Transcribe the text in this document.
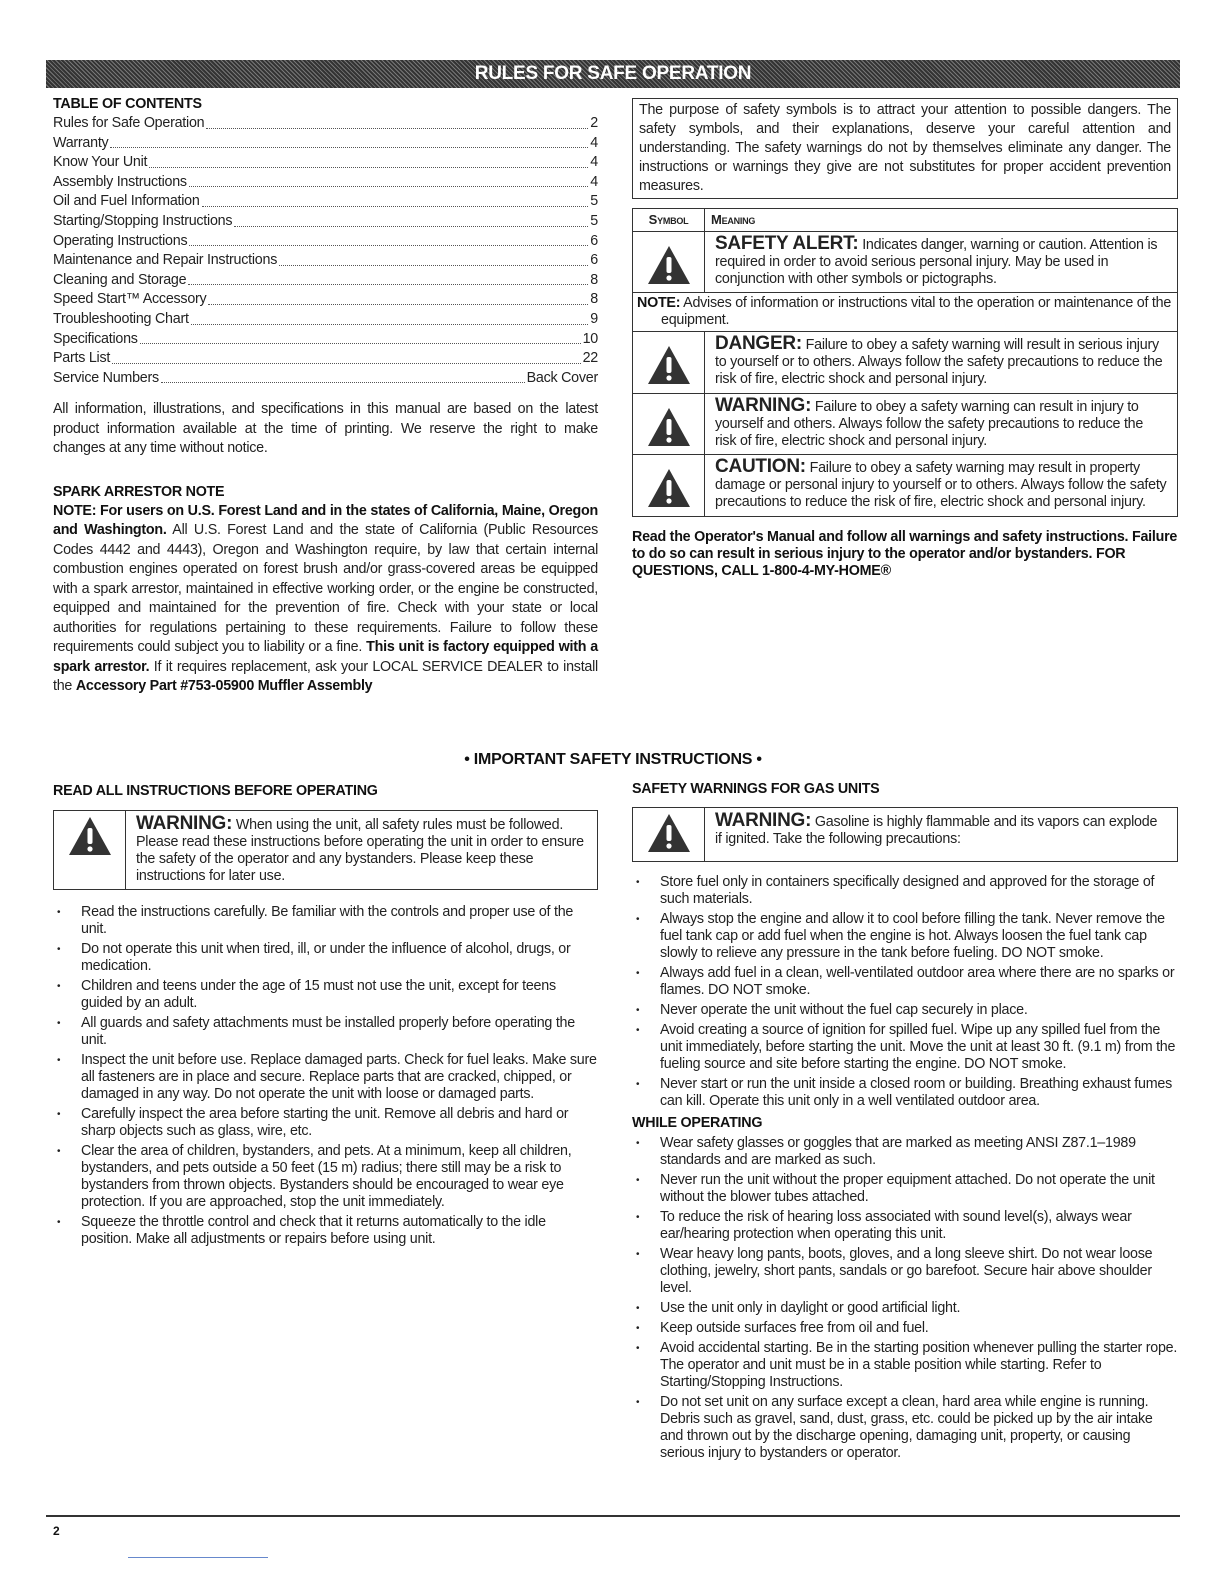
RULES FOR SAFE OPERATION
TABLE OF CONTENTS
Rules for Safe Operation	2
Warranty	4
Know Your Unit	4
Assembly Instructions	4
Oil and Fuel Information	5
Starting/Stopping Instructions	5
Operating Instructions	6
Maintenance and Repair Instructions	6
Cleaning and Storage	8
Speed Start™ Accessory	8
Troubleshooting Chart	9
Specifications	10
Parts List	22
Service Numbers	Back Cover

All information, illustrations, and specifications in this manual are based on the latest product information available at the time of printing. We reserve the right to make changes at any time without notice.

SPARK ARRESTOR NOTE

NOTE: For users on U.S. Forest Land and in the states of California, Maine, Oregon and Washington. All U.S. Forest Land and the state of California (Public Resources Codes 4442 and 4443), Oregon and Washington require, by law that certain internal combustion engines operated on forest brush and/or grass-covered areas be equipped with a spark arrestor, maintained in effective working order, or the engine be constructed, equipped and maintained for the prevention of fire. Check with your state or local authorities for regulations pertaining to these requirements. Failure to follow these requirements could subject you to liability or a fine. This unit is factory equipped with a spark arrestor. If it requires replacement, ask your LOCAL SERVICE DEALER to install the Accessory Part #753-05900 Muffler Assembly

The purpose of safety symbols is to attract your attention to possible dangers. The safety symbols, and their explanations, deserve your careful attention and understanding. The safety warnings do not by themselves eliminate any danger. The instructions or warnings they give are not substitutes for proper accident prevention measures.
Symbol	Meaning
	SAFETY ALERT: Indicates danger, warning or caution. Attention is required in order to avoid serious personal injury. May be used in conjunction with other symbols or pictographs.
NOTE: Advises of information or instructions vital to the operation or maintenance of the equipment.	
	DANGER: Failure to obey a safety warning will result in serious injury to yourself or to others. Always follow the safety precautions to reduce the risk of fire, electric shock and personal injury.
	WARNING: Failure to obey a safety warning can result in injury to yourself and others. Always follow the safety precautions to reduce the risk of fire, electric shock and personal injury.
	CAUTION: Failure to obey a safety warning may result in property damage or personal injury to yourself or to others. Always follow the safety precautions to reduce the risk of fire, electric shock and personal injury.

Read the Operator's Manual and follow all warnings and safety instructions. Failure to do so can result in serious injury to the operator and/or bystanders. FOR QUESTIONS, CALL 1-800-4-MY-HOME®

• IMPORTANT SAFETY INSTRUCTIONS •
READ ALL INSTRUCTIONS BEFORE OPERATING
WARNING: When using the unit, all safety rules must be followed. Please read these instructions before operating the unit in order to ensure the safety of the operator and any bystanders. Please keep these instructions for later use.
• Read the instructions carefully. Be familiar with the controls and proper use of the unit.
• Do not operate this unit when tired, ill, or under the influence of alcohol, drugs, or medication.
• Children and teens under the age of 15 must not use the unit, except for teens guided by an adult.
• All guards and safety attachments must be installed properly before operating the unit.
• Inspect the unit before use. Replace damaged parts. Check for fuel leaks. Make sure all fasteners are in place and secure. Replace parts that are cracked, chipped, or damaged in any way. Do not operate the unit with loose or damaged parts.
• Carefully inspect the area before starting the unit. Remove all debris and hard or sharp objects such as glass, wire, etc.
• Clear the area of children, bystanders, and pets. At a minimum, keep all children, bystanders, and pets outside a 50 feet (15 m) radius; there still may be a risk to bystanders from thrown objects. Bystanders should be encouraged to wear eye protection. If you are approached, stop the unit immediately.
• Squeeze the throttle control and check that it returns automatically to the idle position. Make all adjustments or repairs before using unit.
SAFETY WARNINGS FOR GAS UNITS
WARNING: Gasoline is highly flammable and its vapors can explode if ignited. Take the following precautions:
• Store fuel only in containers specifically designed and approved for the storage of such materials.
• Always stop the engine and allow it to cool before filling the tank. Never remove the fuel tank cap or add fuel when the engine is hot. Always loosen the fuel tank cap slowly to relieve any pressure in the tank before fueling. DO NOT smoke.
• Always add fuel in a clean, well-ventilated outdoor area where there are no sparks or flames. DO NOT smoke.
• Never operate the unit without the fuel cap securely in place.
• Avoid creating a source of ignition for spilled fuel. Wipe up any spilled fuel from the unit immediately, before starting the unit. Move the unit at least 30 ft. (9.1 m) from the fueling source and site before starting the engine. DO NOT smoke.
• Never start or run the unit inside a closed room or building. Breathing exhaust fumes can kill. Operate this unit only in a well ventilated outdoor area.
WHILE OPERATING
• Wear safety glasses or goggles that are marked as meeting ANSI Z87.1–1989 standards and are marked as such.
• Never run the unit without the proper equipment attached. Do not operate the unit without the blower tubes attached.
• To reduce the risk of hearing loss associated with sound level(s), always wear ear/hearing protection when operating this unit.
• Wear heavy long pants, boots, gloves, and a long sleeve shirt. Do not wear loose clothing, jewelry, short pants, sandals or go barefoot. Secure hair above shoulder level.
• Use the unit only in daylight or good artificial light.
• Keep outside surfaces free from oil and fuel.
• Avoid accidental starting. Be in the starting position whenever pulling the starter rope. The operator and unit must be in a stable position while starting. Refer to Starting/Stopping Instructions.
• Do not set unit on any surface except a clean, hard area while engine is running. Debris such as gravel, sand, dust, grass, etc. could be picked up by the air intake and thrown out by the discharge opening, damaging unit, property, or causing serious injury to bystanders or operator.
2
